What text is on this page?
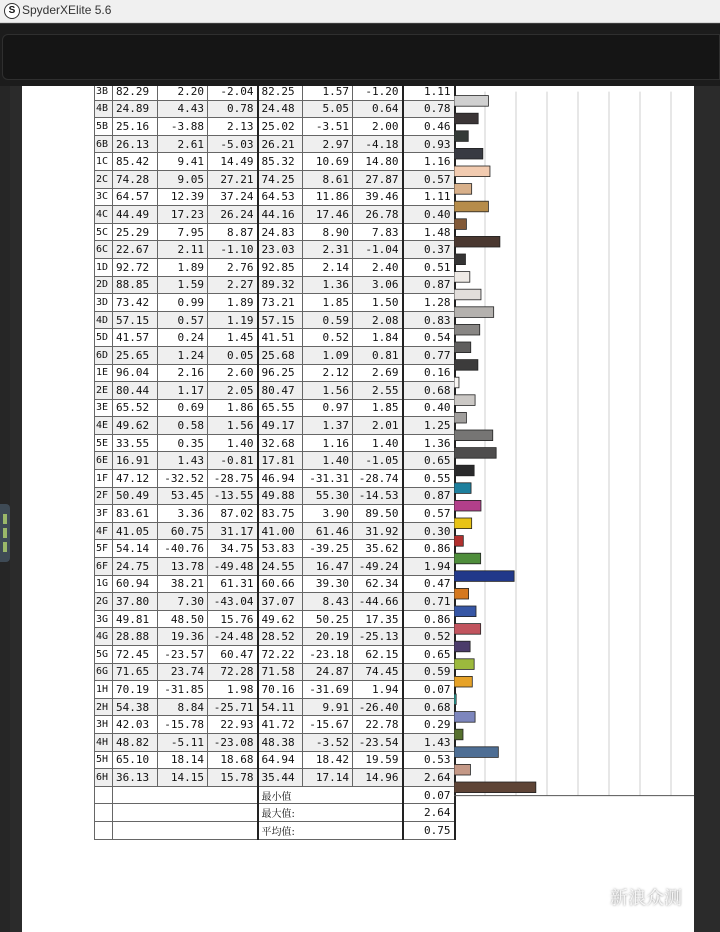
S SpyderXElite 5.6
3B	82.29	2.20	-2.04	82.25	1.57	-1.20	1.11
4B	24.89	4.43	0.78	24.48	5.05	0.64	0.78
5B	25.16	-3.88	2.13	25.02	-3.51	2.00	0.46
6B	26.13	2.61	-5.03	26.21	2.97	-4.18	0.93
1C	85.42	9.41	14.49	85.32	10.69	14.80	1.16
2C	74.28	9.05	27.21	74.25	8.61	27.87	0.57
3C	64.57	12.39	37.24	64.53	11.86	39.46	1.11
4C	44.49	17.23	26.24	44.16	17.46	26.78	0.40
5C	25.29	7.95	8.87	24.83	8.90	7.83	1.48
6C	22.67	2.11	-1.10	23.03	2.31	-1.04	0.37
1D	92.72	1.89	2.76	92.85	2.14	2.40	0.51
2D	88.85	1.59	2.27	89.32	1.36	3.06	0.87
3D	73.42	0.99	1.89	73.21	1.85	1.50	1.28
4D	57.15	0.57	1.19	57.15	0.59	2.08	0.83
5D	41.57	0.24	1.45	41.51	0.52	1.84	0.54
6D	25.65	1.24	0.05	25.68	1.09	0.81	0.77
1E	96.04	2.16	2.60	96.25	2.12	2.69	0.16
2E	80.44	1.17	2.05	80.47	1.56	2.55	0.68
3E	65.52	0.69	1.86	65.55	0.97	1.85	0.40
4E	49.62	0.58	1.56	49.17	1.37	2.01	1.25
5E	33.55	0.35	1.40	32.68	1.16	1.40	1.36
6E	16.91	1.43	-0.81	17.81	1.40	-1.05	0.65
1F	47.12	-32.52	-28.75	46.94	-31.31	-28.74	0.55
2F	50.49	53.45	-13.55	49.88	55.30	-14.53	0.87
3F	83.61	3.36	87.02	83.75	3.90	89.50	0.57
4F	41.05	60.75	31.17	41.00	61.46	31.92	0.30
5F	54.14	-40.76	34.75	53.83	-39.25	35.62	0.86
6F	24.75	13.78	-49.48	24.55	16.47	-49.24	1.94
1G	60.94	38.21	61.31	60.66	39.30	62.34	0.47
2G	37.80	7.30	-43.04	37.07	8.43	-44.66	0.71
3G	49.81	48.50	15.76	49.62	50.25	17.35	0.86
4G	28.88	19.36	-24.48	28.52	20.19	-25.13	0.52
5G	72.45	-23.57	60.47	72.22	-23.18	62.15	0.65
6G	71.65	23.74	72.28	71.58	24.87	74.45	0.59
1H	70.19	-31.85	1.98	70.16	-31.69	1.94	0.07
2H	54.38	8.84	-25.71	54.11	9.91	-26.40	0.68
3H	42.03	-15.78	22.93	41.72	-15.67	22.78	0.29
4H	48.82	-5.11	-23.08	48.38	-3.52	-23.54	1.43
5H	65.10	18.14	18.68	64.94	18.42	19.59	0.53
6H	36.13	14.15	15.78	35.44	17.14	14.96	2.64
				最小值			0.07
				最大值:			2.64
				平均值:			0.75
新浪众测
